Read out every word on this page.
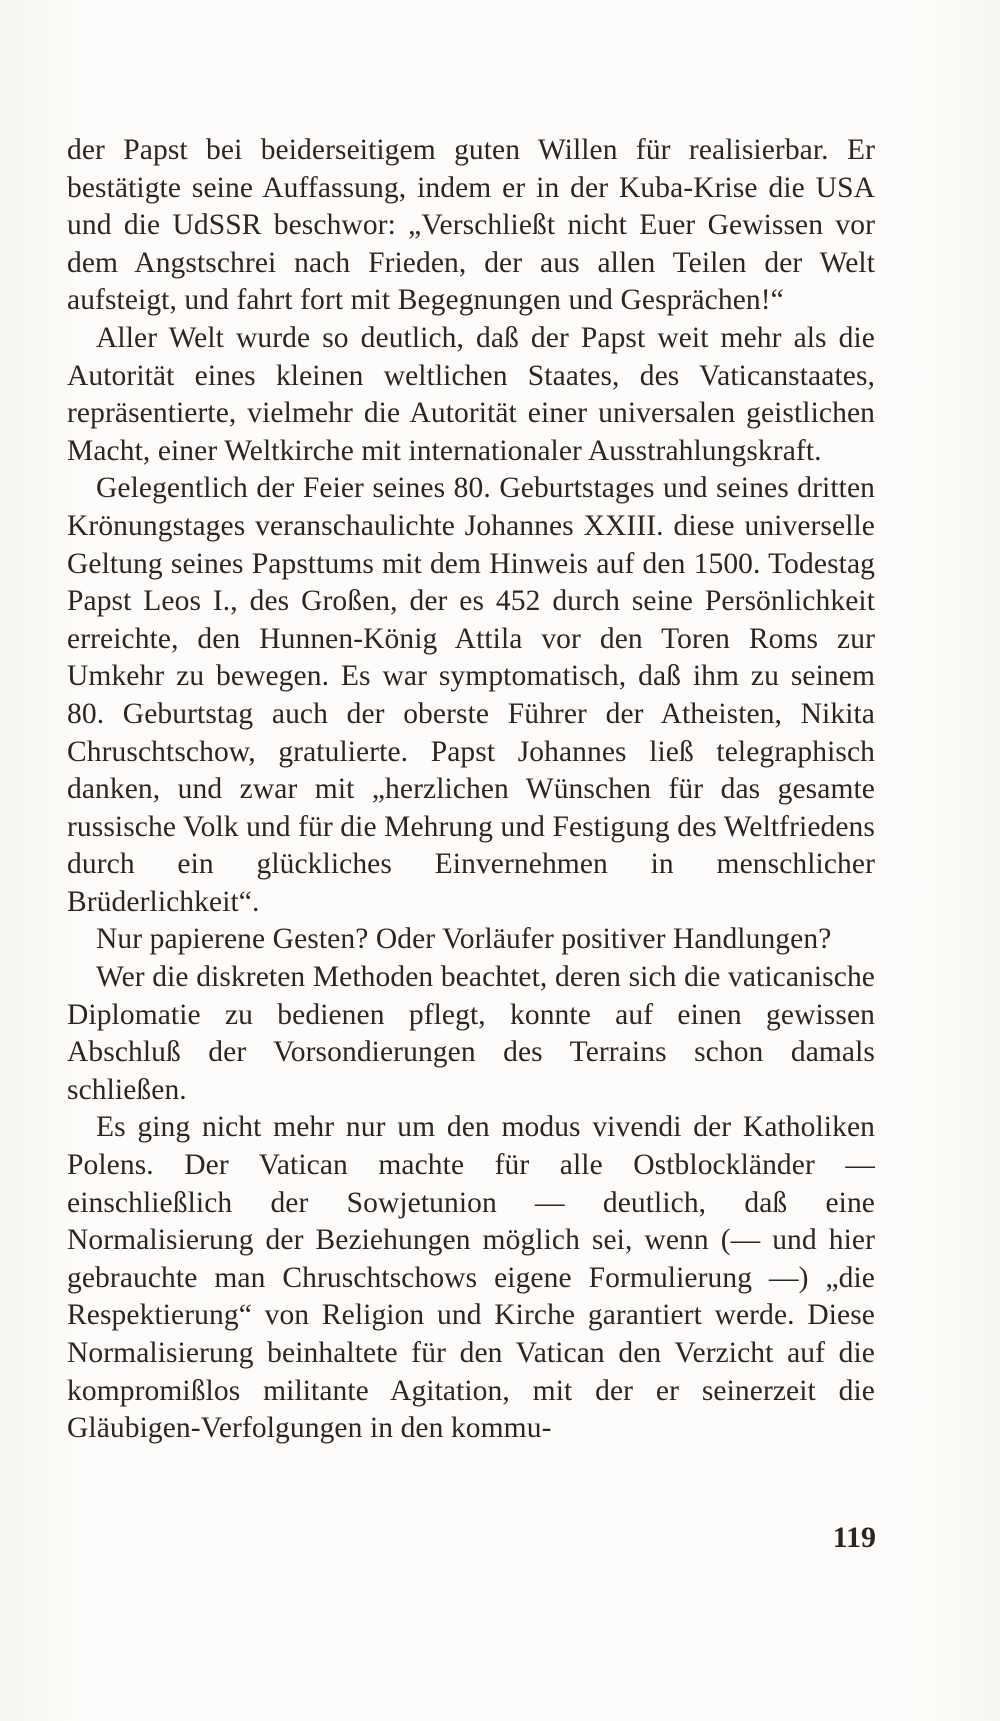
der Papst bei beiderseitigem guten Willen für realisierbar. Er bestätigte seine Auffassung, indem er in der Kuba-Krise die USA und die UdSSR beschwor: „Verschließt nicht Euer Gewissen vor dem Angstschrei nach Frieden, der aus allen Teilen der Welt aufsteigt, und fahrt fort mit Begegnungen und Gesprächen!“

Aller Welt wurde so deutlich, daß der Papst weit mehr als die Autorität eines kleinen weltlichen Staates, des Vaticanstaates, repräsentierte, vielmehr die Autorität einer universalen geistlichen Macht, einer Weltkirche mit internationaler Ausstrahlungskraft.

Gelegentlich der Feier seines 80. Geburtstages und seines dritten Krönungstages veranschaulichte Johannes XXIII. diese universelle Geltung seines Papsttums mit dem Hinweis auf den 1500. Todestag Papst Leos I., des Großen, der es 452 durch seine Persönlichkeit erreichte, den Hunnen-König Attila vor den Toren Roms zur Umkehr zu bewegen. Es war symptomatisch, daß ihm zu seinem 80. Geburtstag auch der oberste Führer der Atheisten, Nikita Chruschtschow, gratulierte. Papst Johannes ließ telegraphisch danken, und zwar mit „herzlichen Wünschen für das gesamte russische Volk und für die Mehrung und Festigung des Weltfriedens durch ein glückliches Einvernehmen in menschlicher Brüderlichkeit“.

Nur papierene Gesten? Oder Vorläufer positiver Handlungen?

Wer die diskreten Methoden beachtet, deren sich die vaticanische Diplomatie zu bedienen pflegt, konnte auf einen gewissen Abschluß der Vorsondierungen des Terrains schon damals schließen.

Es ging nicht mehr nur um den modus vivendi der Katholiken Polens. Der Vatican machte für alle Ostblockländer — einschließlich der Sowjetunion — deutlich, daß eine Normalisierung der Beziehungen möglich sei, wenn (— und hier gebrauchte man Chruschtschows eigene Formulierung —) „die Respektierung“ von Religion und Kirche garantiert werde. Diese Normalisierung beinhaltete für den Vatican den Verzicht auf die kompromißlos militante Agitation, mit der er seinerzeit die Gläubigen-Verfolgungen in den kommu-

119
